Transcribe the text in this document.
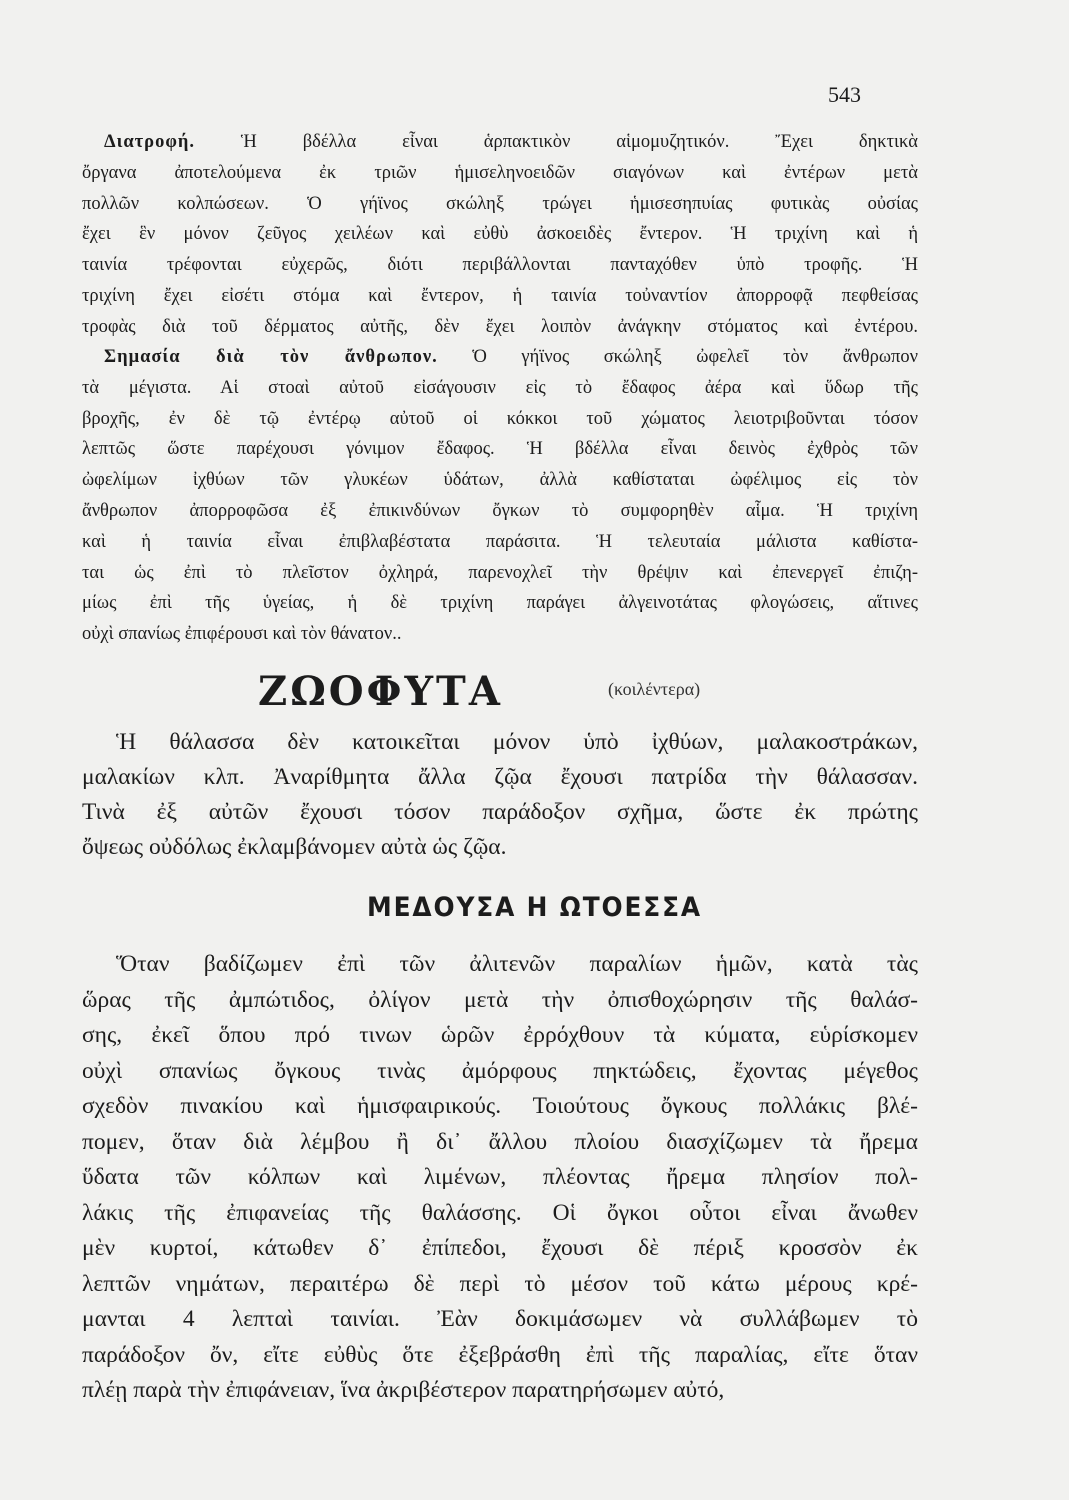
543
Διατροφή. Ἡ βδέλλα εἶναι ἁρπακτικὸν αἱμομυζητικόν. Ἔχει δηκτικὰ
ὄργανα ἀποτελούμενα ἐκ τριῶν ἡμισεληνοειδῶν σιαγόνων καὶ ἐντέρων μετὰ
πολλῶν κολπώσεων. Ὁ γήϊνος σκώληξ τρώγει ἡμισεσηπυίας φυτικὰς οὐσίας
ἔχει ἓν μόνον ζεῦγος χειλέων καὶ εὐθὺ ἀσκοειδὲς ἔντερον. Ἡ τριχίνη καὶ ἡ
ταινία τρέφονται εὐχερῶς, διότι περιβάλλονται πανταχόθεν ὑπὸ τροφῆς. Ἡ
τριχίνη ἔχει εἰσέτι στόμα καὶ ἔντερον, ἡ ταινία τοὐναντίον ἀπορροφᾷ πεφθείσας
τροφὰς διὰ τοῦ δέρματος αὐτῆς, δὲν ἔχει λοιπὸν ἀνάγκην στόματος καὶ ἐντέρου.
Σημασία διὰ τὸν ἄνθρωπον. Ὁ γήϊνος σκώληξ ὠφελεῖ τὸν ἄνθρωπον
τὰ μέγιστα. Αἱ στοαὶ αὐτοῦ εἰσάγουσιν εἰς τὸ ἔδαφος ἀέρα καὶ ὕδωρ τῆς
βροχῆς, ἐν δὲ τῷ ἐντέρῳ αὐτοῦ οἱ κόκκοι τοῦ χώματος λειοτριβοῦνται τόσον
λεπτῶς ὥστε παρέχουσι γόνιμον ἔδαφος. Ἡ βδέλλα εἶναι δεινὸς ἐχθρὸς τῶν
ὠφελίμων ἰχθύων τῶν γλυκέων ὑδάτων, ἀλλὰ καθίσταται ὠφέλιμος εἰς τὸν
ἄνθρωπον ἀπορροφῶσα ἐξ ἐπικινδύνων ὄγκων τὸ συμφορηθὲν αἷμα. Ἡ τριχίνη
καὶ ἡ ταινία εἶναι ἐπιβλαβέστατα παράσιτα. Ἡ τελευταία μάλιστα καθίστα-
ται ὡς ἐπὶ τὸ πλεῖστον ὀχληρά, παρενοχλεῖ τὴν θρέψιν καὶ ἐπενεργεῖ ἐπιζη-
μίως ἐπὶ τῆς ὑγείας, ἡ δὲ τριχίνη παράγει ἀλγεινοτάτας φλογώσεις, αἵτινες
οὐχὶ σπανίως ἐπιφέρουσι καὶ τὸν θάνατον..
ΖΩΟΦΥΤΑ	(κοιλέντερα)
Ἡ θάλασσα δὲν κατοικεῖται μόνον ὑπὸ ἰχθύων, μαλακοστράκων,
μαλακίων κλπ. Ἀναρίθμητα ἄλλα ζῷα ἔχουσι πατρίδα τὴν θάλασσαν.
Τινὰ ἐξ αὐτῶν ἔχουσι τόσον παράδοξον σχῆμα, ὥστε ἐκ πρώτης
ὄψεως οὐδόλως ἐκλαμβάνομεν αὐτὰ ὡς ζῷα.
ΜΕΔΟΥΣΑ Η ΩΤΟΕΣΣΑ
Ὅταν βαδίζωμεν ἐπὶ τῶν ἀλιτενῶν παραλίων ἡμῶν, κατὰ τὰς
ὥρας τῆς ἀμπώτιδος, ὀλίγον μετὰ τὴν ὀπισθοχώρησιν τῆς θαλάσ-
σης, ἐκεῖ ὅπου πρό τινων ὡρῶν ἐρρόχθουν τὰ κύματα, εὑρίσκομεν
οὐχὶ σπανίως ὄγκους τινὰς ἀμόρφους πηκτώδεις, ἔχοντας μέγεθος
σχεδὸν πινακίου καὶ ἡμισφαιρικούς. Τοιούτους ὄγκους πολλάκις βλέ-
πομεν, ὅταν διὰ λέμβου ἢ δι᾽ ἄλλου πλοίου διασχίζωμεν τὰ ἤρεμα
ὕδατα τῶν κόλπων καὶ λιμένων, πλέοντας ἤρεμα πλησίον πολ-
λάκις τῆς ἐπιφανείας τῆς θαλάσσης. Οἱ ὄγκοι οὗτοι εἶναι ἄνωθεν
μὲν κυρτοί, κάτωθεν δ᾽ ἐπίπεδοι, ἔχουσι δὲ πέριξ κροσσὸν ἐκ
λεπτῶν νημάτων, περαιτέρω δὲ περὶ τὸ μέσον τοῦ κάτω μέρους κρέ-
μανται 4 λεπταὶ ταινίαι. Ἐὰν δοκιμάσωμεν νὰ συλλάβωμεν τὸ
παράδοξον ὄν, εἴτε εὐθὺς ὅτε ἐξεβράσθη ἐπὶ τῆς παραλίας, εἴτε ὅταν
πλέῃ παρὰ τὴν ἐπιφάνειαν, ἵνα ἀκριβέστερον παρατηρήσωμεν αὐτό,
